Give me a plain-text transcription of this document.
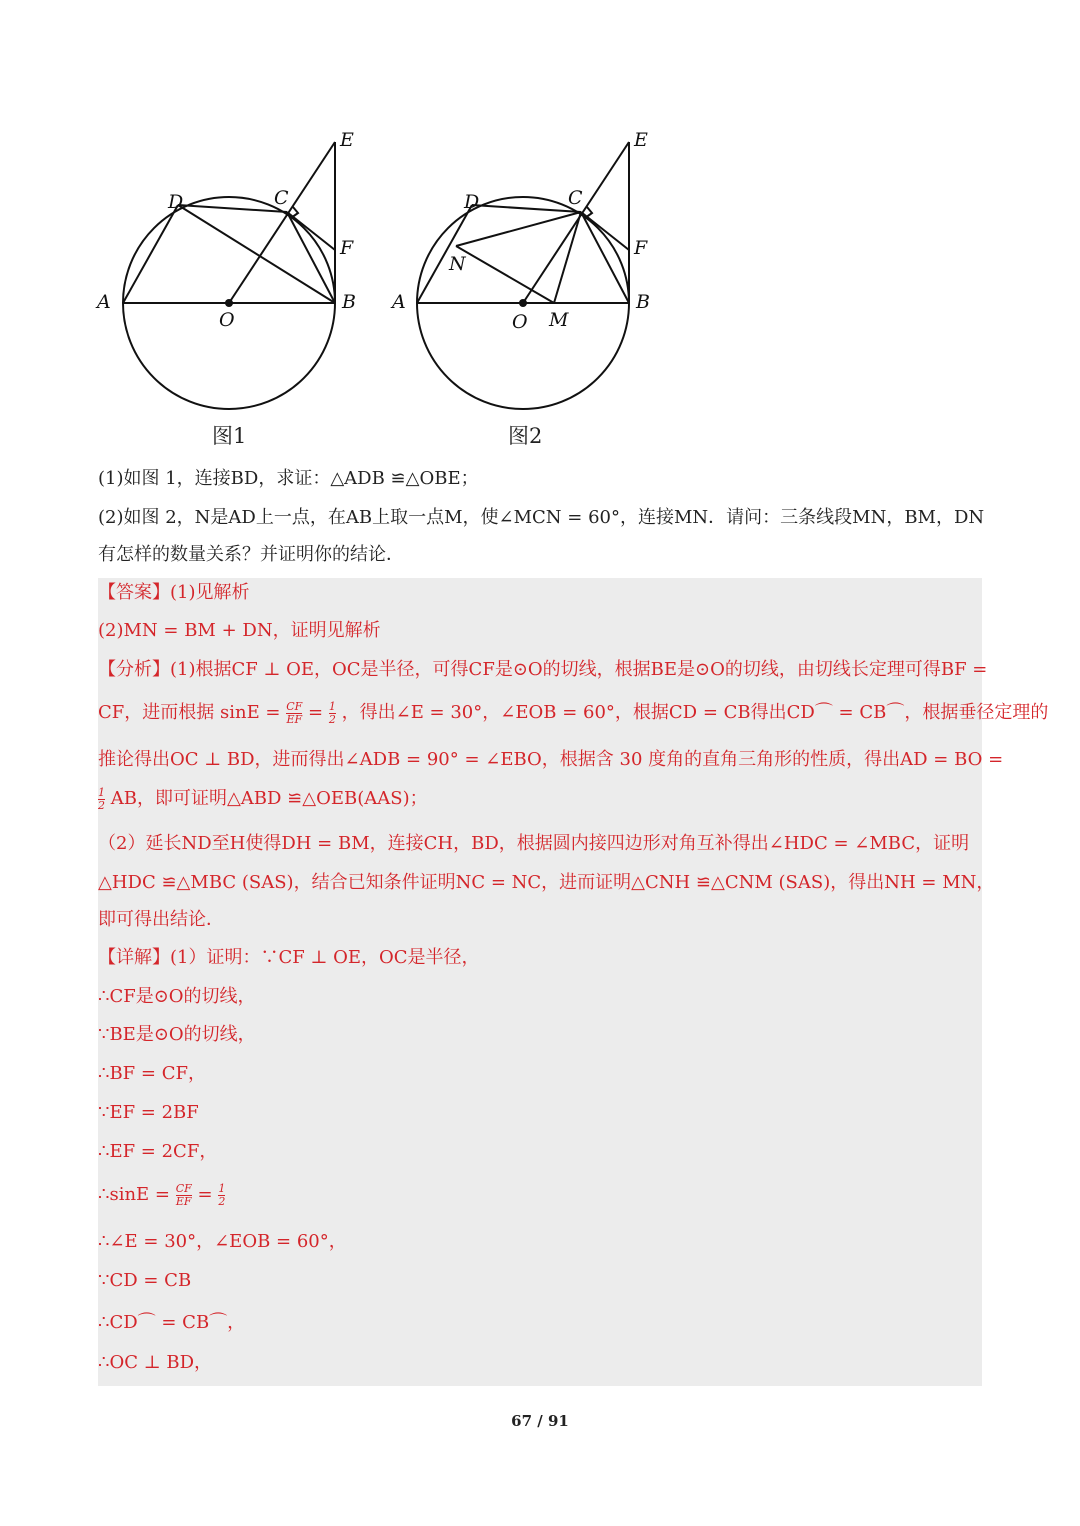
E
D	C
F
A
O
B
图1
E
D	C
F
N
A
O M
B
图2
(1)如图 1，连接BD，求证：△ADB ≌△OBE；
(2)如图 2，N是AD上一点，在AB上取一点M，使∠MCN = 60°，连接MN．请问：三条线段MN，BM，DN
有怎样的数量关系？并证明你的结论．
【答案】(1)见解析
(2)MN = BM + DN，证明见解析
【分析】(1)根据CF ⊥ OE，OC是半径，可得CF是⊙O的切线，根据BE是⊙O的切线，由切线长定理可得BF =
CF，进而根据 $\sin E = \frac{CF}{EF} = \frac{1}{2}$ ，得出∠E = 30°，∠EOB = 60°，根据CD = CB得出CD⌒ = CB⌒，根据垂径定理的
推论得出OC ⊥ BD，进而得出∠ADB = 90° = ∠EBO，根据含 30 度角的直角三角形的性质，得出AD = BO =
$\frac{1}{2}$ AB，即可证明△ABD ≌△OEB(AAS)；
（2）延长ND至H使得DH = BM，连接CH，BD，根据圆内接四边形对角互补得出∠HDC = ∠MBC，证明
△HDC ≌△MBC (SAS)，结合已知条件证明NC = NC，进而证明△CNH ≌△CNM (SAS)，得出NH = MN，
即可得出结论．
【详解】(1）证明：∵CF ⊥ OE，OC是半径，
∴CF是⊙O的切线，
∵BE是⊙O的切线，
∴BF = CF，
∵EF = 2BF
∴EF = 2CF，
∴sinE = $\frac{CF}{EF} = \frac{1}{2}$
∴∠E = 30°，∠EOB = 60°，
∵CD = CB
∴CD⌒ = CB⌒，
∴OC ⊥ BD，
67 / 91
